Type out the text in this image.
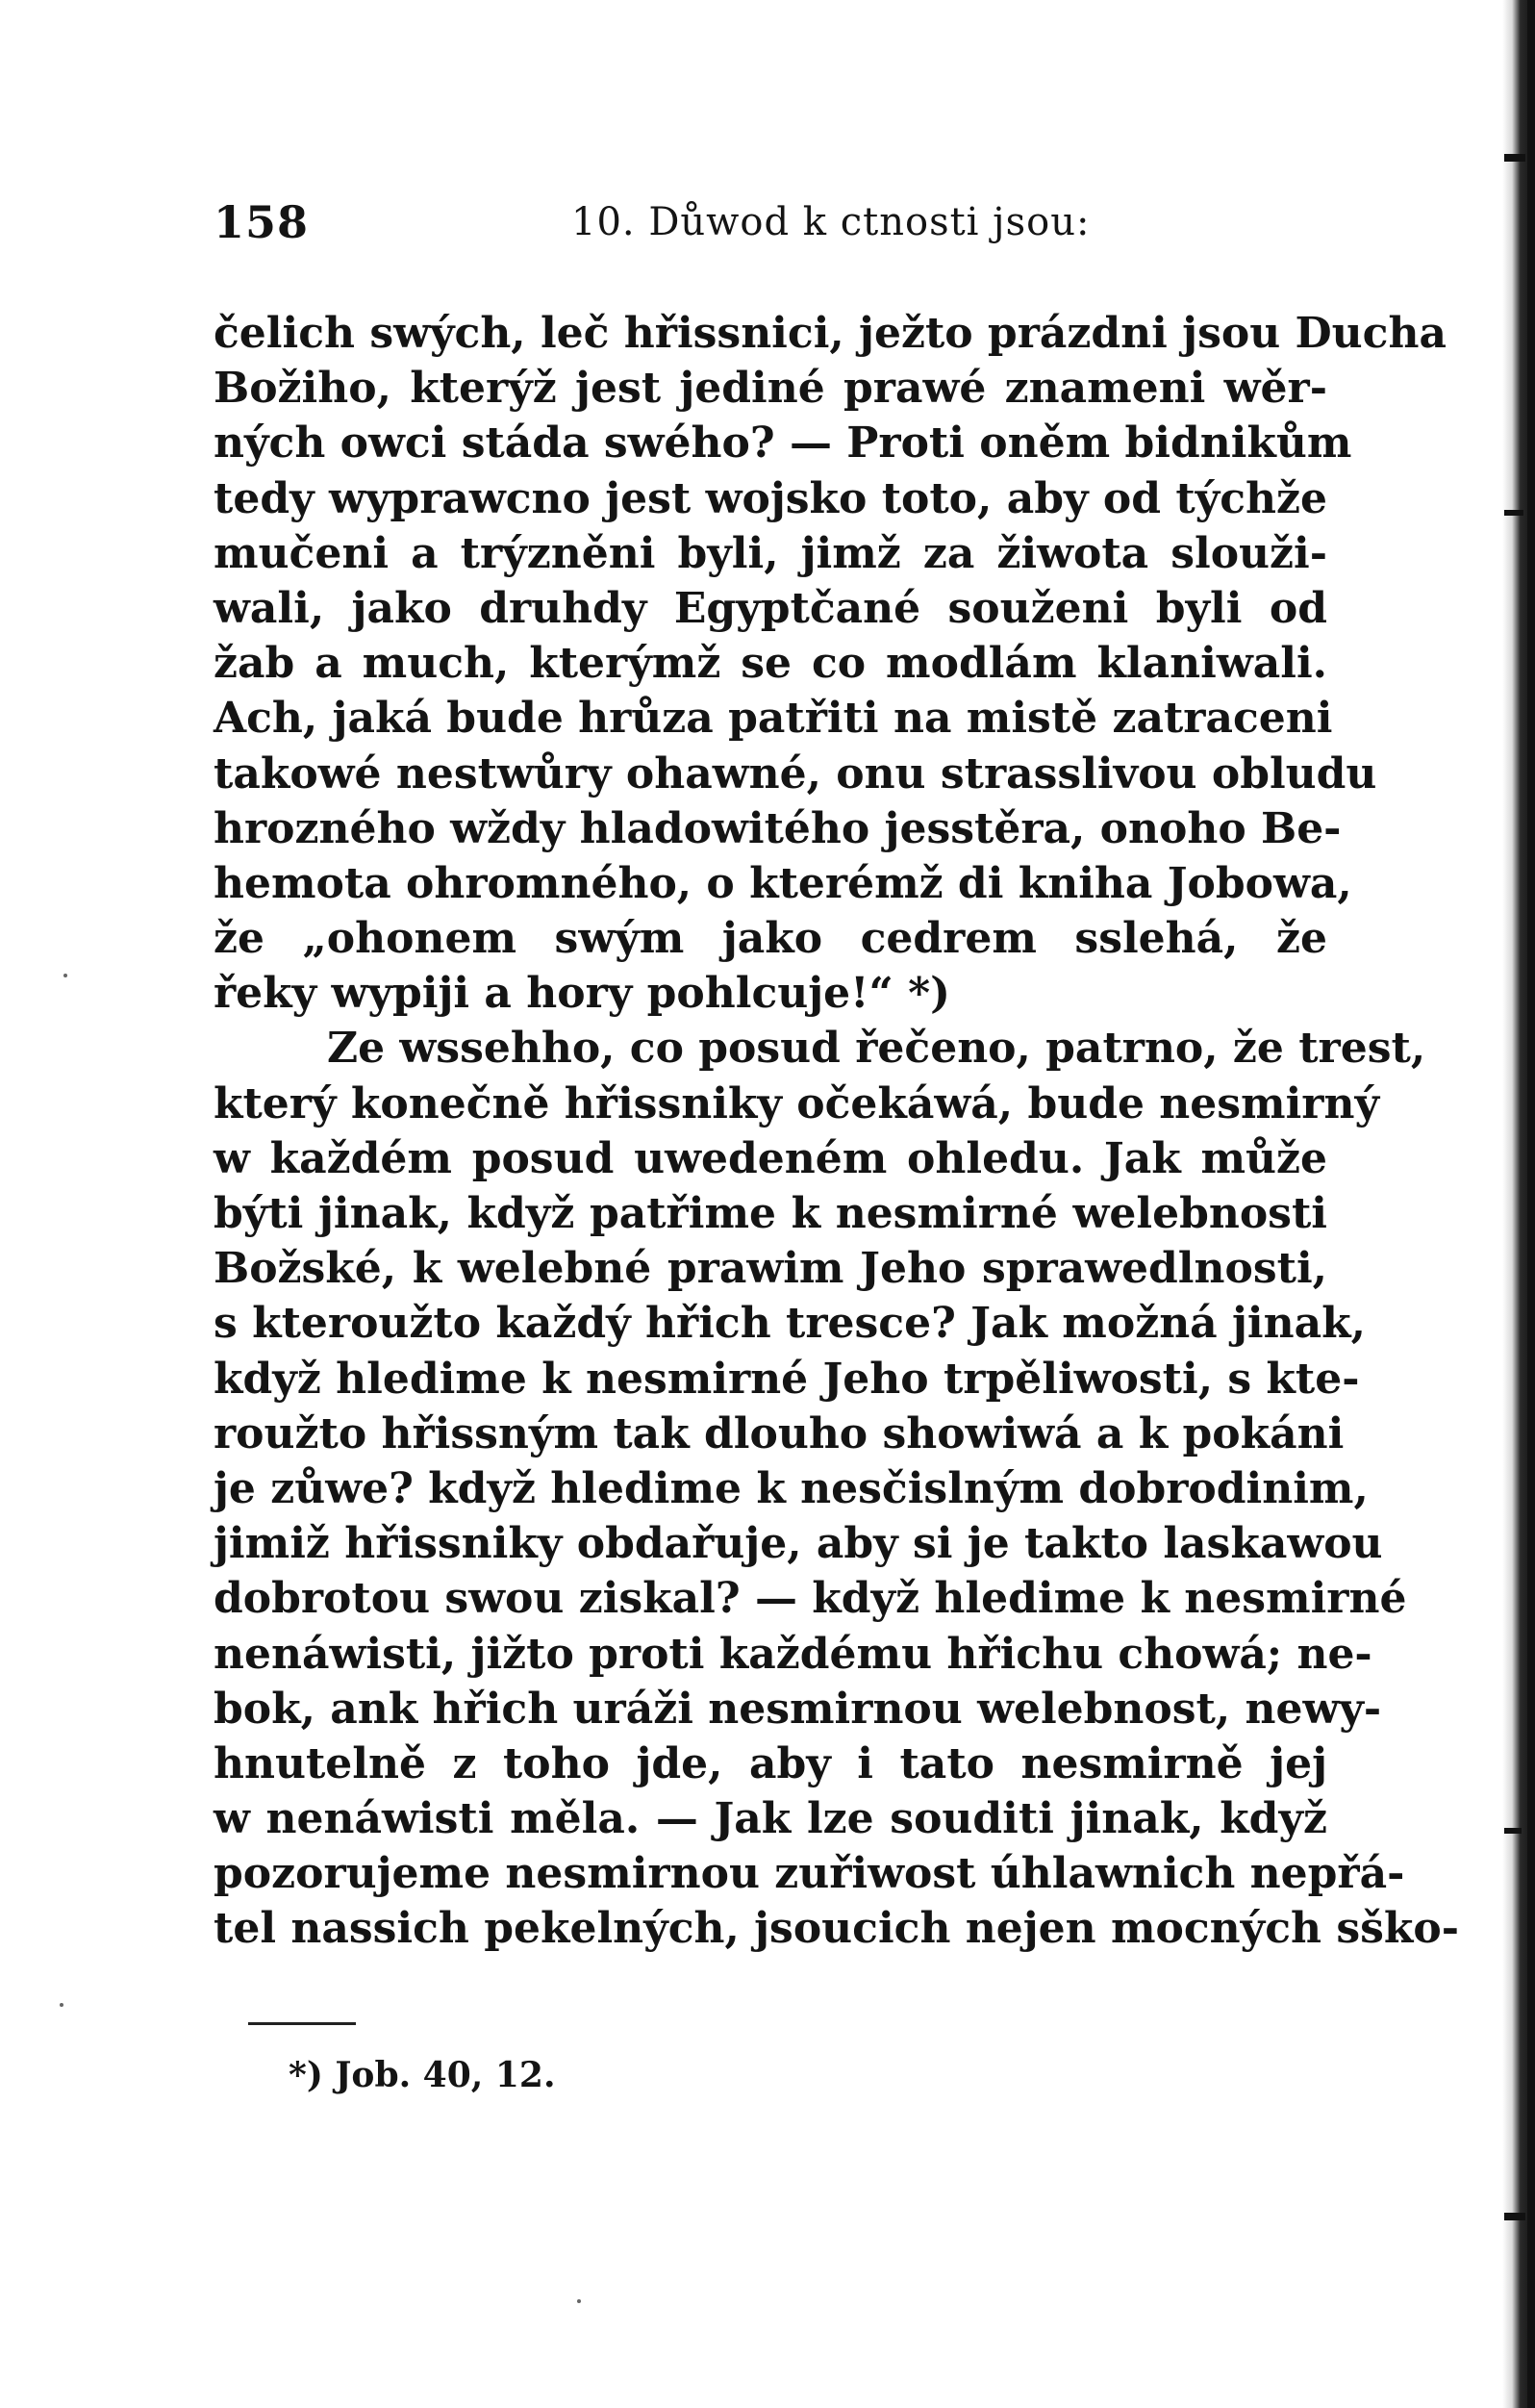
158	10. Důwod k ctnosti jsou:
čelich swých, leč hřissnici, ježto prázdni jsou Ducha
Božiho, kterýž jest jediné prawé znameni wěr-
ných owci stáda swého? — Proti oněm bidnikům
tedy wyprawcno jest wojsko toto, aby od týchže
mučeni a trýzněni byli, jimž za žiwota slouži-
wali, jako druhdy Egyptčané souženi byli od
žab a much, kterýmž se co modlám klaniwali.
Ach, jaká bude hrůza patřiti na mistě zatraceni
takowé nestwůry ohawné, onu strasslivou obludu
hrozného wždy hladowitého jesstěra, onoho Be-
hemota ohromného, o kterémž di kniha Jobowa,
že „ohonem swým jako cedrem sslehá, že
řeky wypiji a hory pohlcuje!“ *)
Ze wssehho, co posud řečeno, patrno, že trest,
který konečně hřissniky očekáwá, bude nesmirný
w každém posud uwedeném ohledu. Jak může
býti jinak, když patřime k nesmirné welebnosti
Božské, k welebné prawim Jeho sprawedlnosti,
s kteroužto každý hřich tresce? Jak možná jinak,
když hledime k nesmirné Jeho trpěliwosti, s kte-
roužto hřissným tak dlouho showiwá a k pokáni
je zůwe? když hledime k nesčislným dobrodinim,
jimiž hřissniky obdařuje, aby si je takto laskawou
dobrotou swou ziskal? — když hledime k nesmirné
nenáwisti, jižto proti každému hřichu chowá; ne-
bok, ank hřich uráži nesmirnou welebnost, newy-
hnutelně z toho jde, aby i tato nesmirně jej
w nenáwisti měla. — Jak lze souditi jinak, když
pozorujeme nesmirnou zuřiwost úhlawnich nepřá-
tel nassich pekelných, jsoucich nejen mocných sško-
*) Job. 40, 12.
